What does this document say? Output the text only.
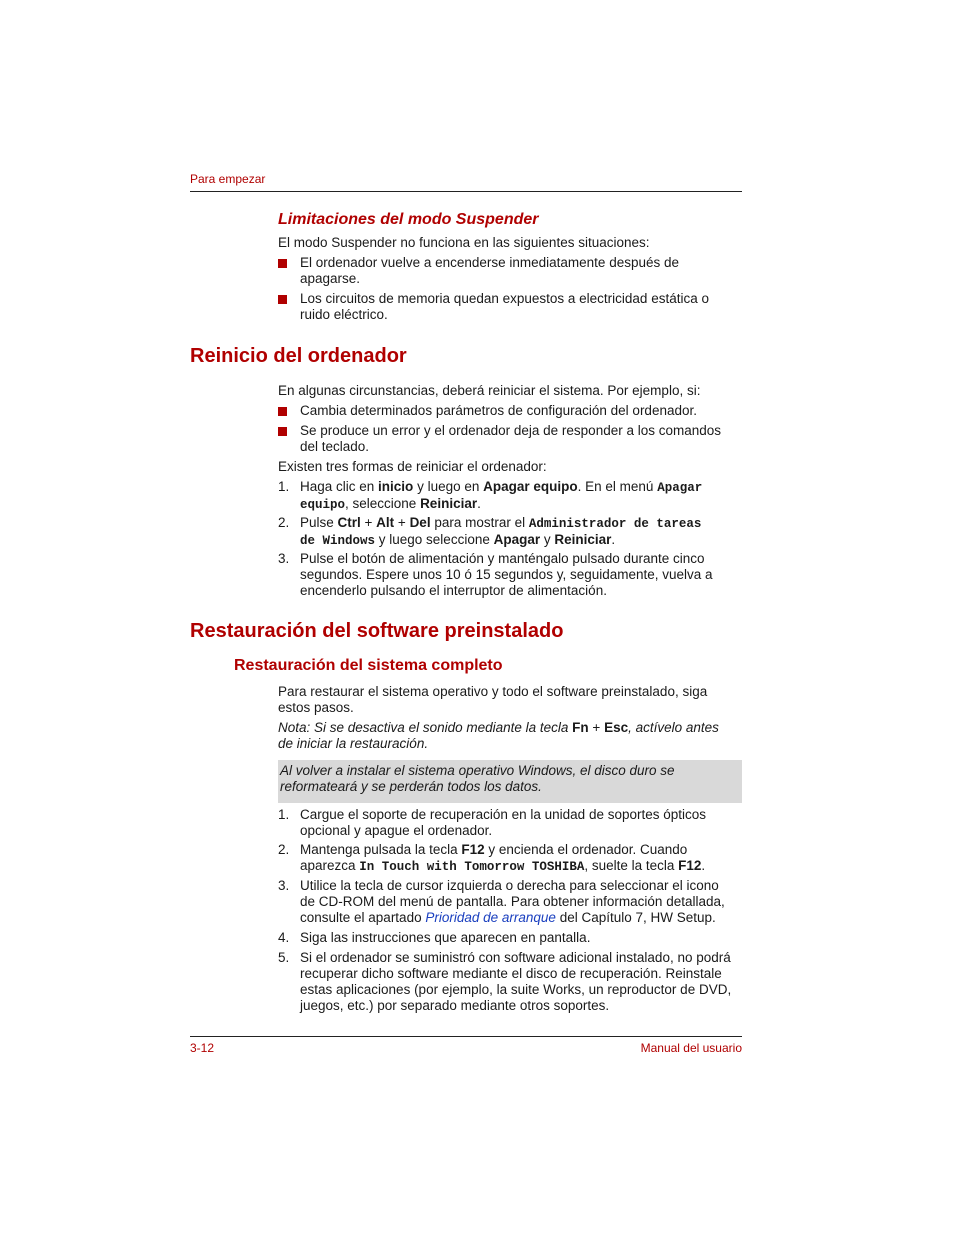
Para empezar
Limitaciones del modo Suspender
El modo Suspender no funciona en las siguientes situaciones:
El ordenador vuelve a encenderse inmediatamente después de
apagarse.
Los circuitos de memoria quedan expuestos a electricidad estática o
ruido eléctrico.
Reinicio del ordenador
En algunas circunstancias, deberá reiniciar el sistema. Por ejemplo, si:
Cambia determinados parámetros de configuración del ordenador.
Se produce un error y el ordenador deja de responder a los comandos
del teclado.
Existen tres formas de reiniciar el ordenador:
1. Haga clic en inicio y luego en Apagar equipo. En el menú Apagar
equipo, seleccione Reiniciar.
2. Pulse Ctrl + Alt + Del para mostrar el Administrador de tareas
de Windows y luego seleccione Apagar y Reiniciar.
3. Pulse el botón de alimentación y manténgalo pulsado durante cinco
segundos. Espere unos 10 ó 15 segundos y, seguidamente, vuelva a
encenderlo pulsando el interruptor de alimentación.
Restauración del software preinstalado
Restauración del sistema completo
Para restaurar el sistema operativo y todo el software preinstalado, siga
estos pasos.
Nota: Si se desactiva el sonido mediante la tecla Fn + Esc, actívelo antes
de iniciar la restauración.
Al volver a instalar el sistema operativo Windows, el disco duro se
reformateará y se perderán todos los datos.
1. Cargue el soporte de recuperación en la unidad de soportes ópticos
opcional y apague el ordenador.
2. Mantenga pulsada la tecla F12 y encienda el ordenador. Cuando
aparezca In Touch with Tomorrow TOSHIBA, suelte la tecla F12.
3. Utilice la tecla de cursor izquierda o derecha para seleccionar el icono
de CD-ROM del menú de pantalla. Para obtener información detallada,
consulte el apartado Prioridad de arranque del Capítulo 7, HW Setup.
4. Siga las instrucciones que aparecen en pantalla.
5. Si el ordenador se suministró con software adicional instalado, no podrá
recuperar dicho software mediante el disco de recuperación. Reinstale
estas aplicaciones (por ejemplo, la suite Works, un reproductor de DVD,
juegos, etc.) por separado mediante otros soportes.
3-12	Manual del usuario
